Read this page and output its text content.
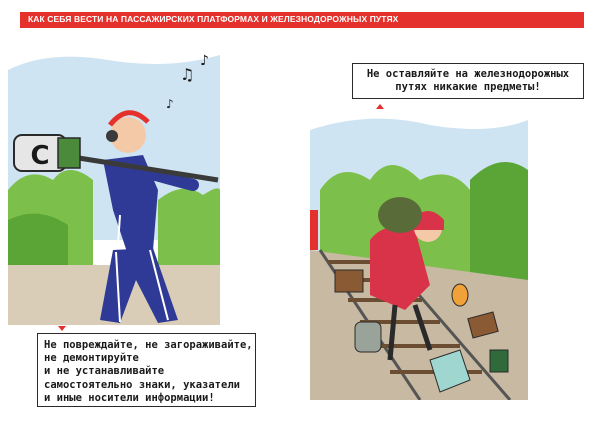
КАК СЕБЯ ВЕСТИ НА ПАССАЖИРСКИХ ПЛАТФОРМАХ И ЖЕЛЕЗНОДОРОЖНЫХ ПУТЯХ
С
♫
♪
♪
Не оставляйте на железнодорожных
путях никакие предметы!
Не повреждайте, не загораживайте,
не демонтируйте
и не устанавливайте
самостоятельно знаки, указатели
и иные носители информации!
